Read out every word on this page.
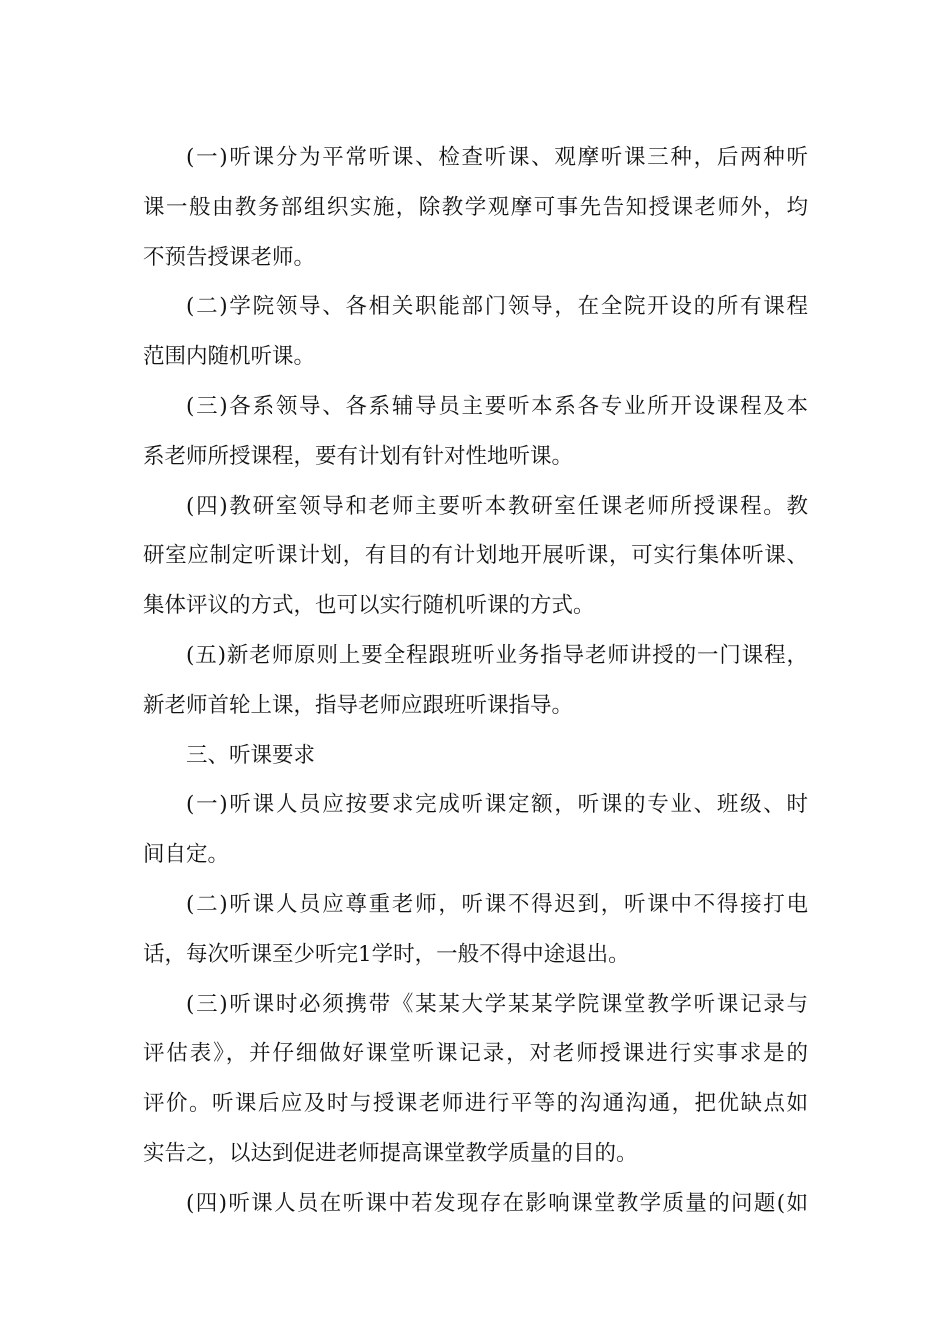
(一)听课分为平常听课、检查听课、观摩听课三种，后两种听
课一般由教务部组织实施，除教学观摩可事先告知授课老师外，均
不预告授课老师。
(二)学院领导、各相关职能部门领导，在全院开设的所有课程
范围内随机听课。
(三)各系领导、各系辅导员主要听本系各专业所开设课程及本
系老师所授课程，要有计划有针对性地听课。
(四)教研室领导和老师主要听本教研室任课老师所授课程。教
研室应制定听课计划，有目的有计划地开展听课，可实行集体听课、
集体评议的方式，也可以实行随机听课的方式。
(五)新老师原则上要全程跟班听业务指导老师讲授的一门课程，
新老师首轮上课，指导老师应跟班听课指导。
三、听课要求
(一)听课人员应按要求完成听课定额，听课的专业、班级、时
间自定。
(二)听课人员应尊重老师，听课不得迟到，听课中不得接打电
话，每次听课至少听完1学时，一般不得中途退出。
(三)听课时必须携带《某某大学某某学院课堂教学听课记录与
评估表》，并仔细做好课堂听课记录，对老师授课进行实事求是的
评价。听课后应及时与授课老师进行平等的沟通沟通，把优缺点如
实告之，以达到促进老师提高课堂教学质量的目的。
(四)听课人员在听课中若发现存在影响课堂教学质量的问题(如
